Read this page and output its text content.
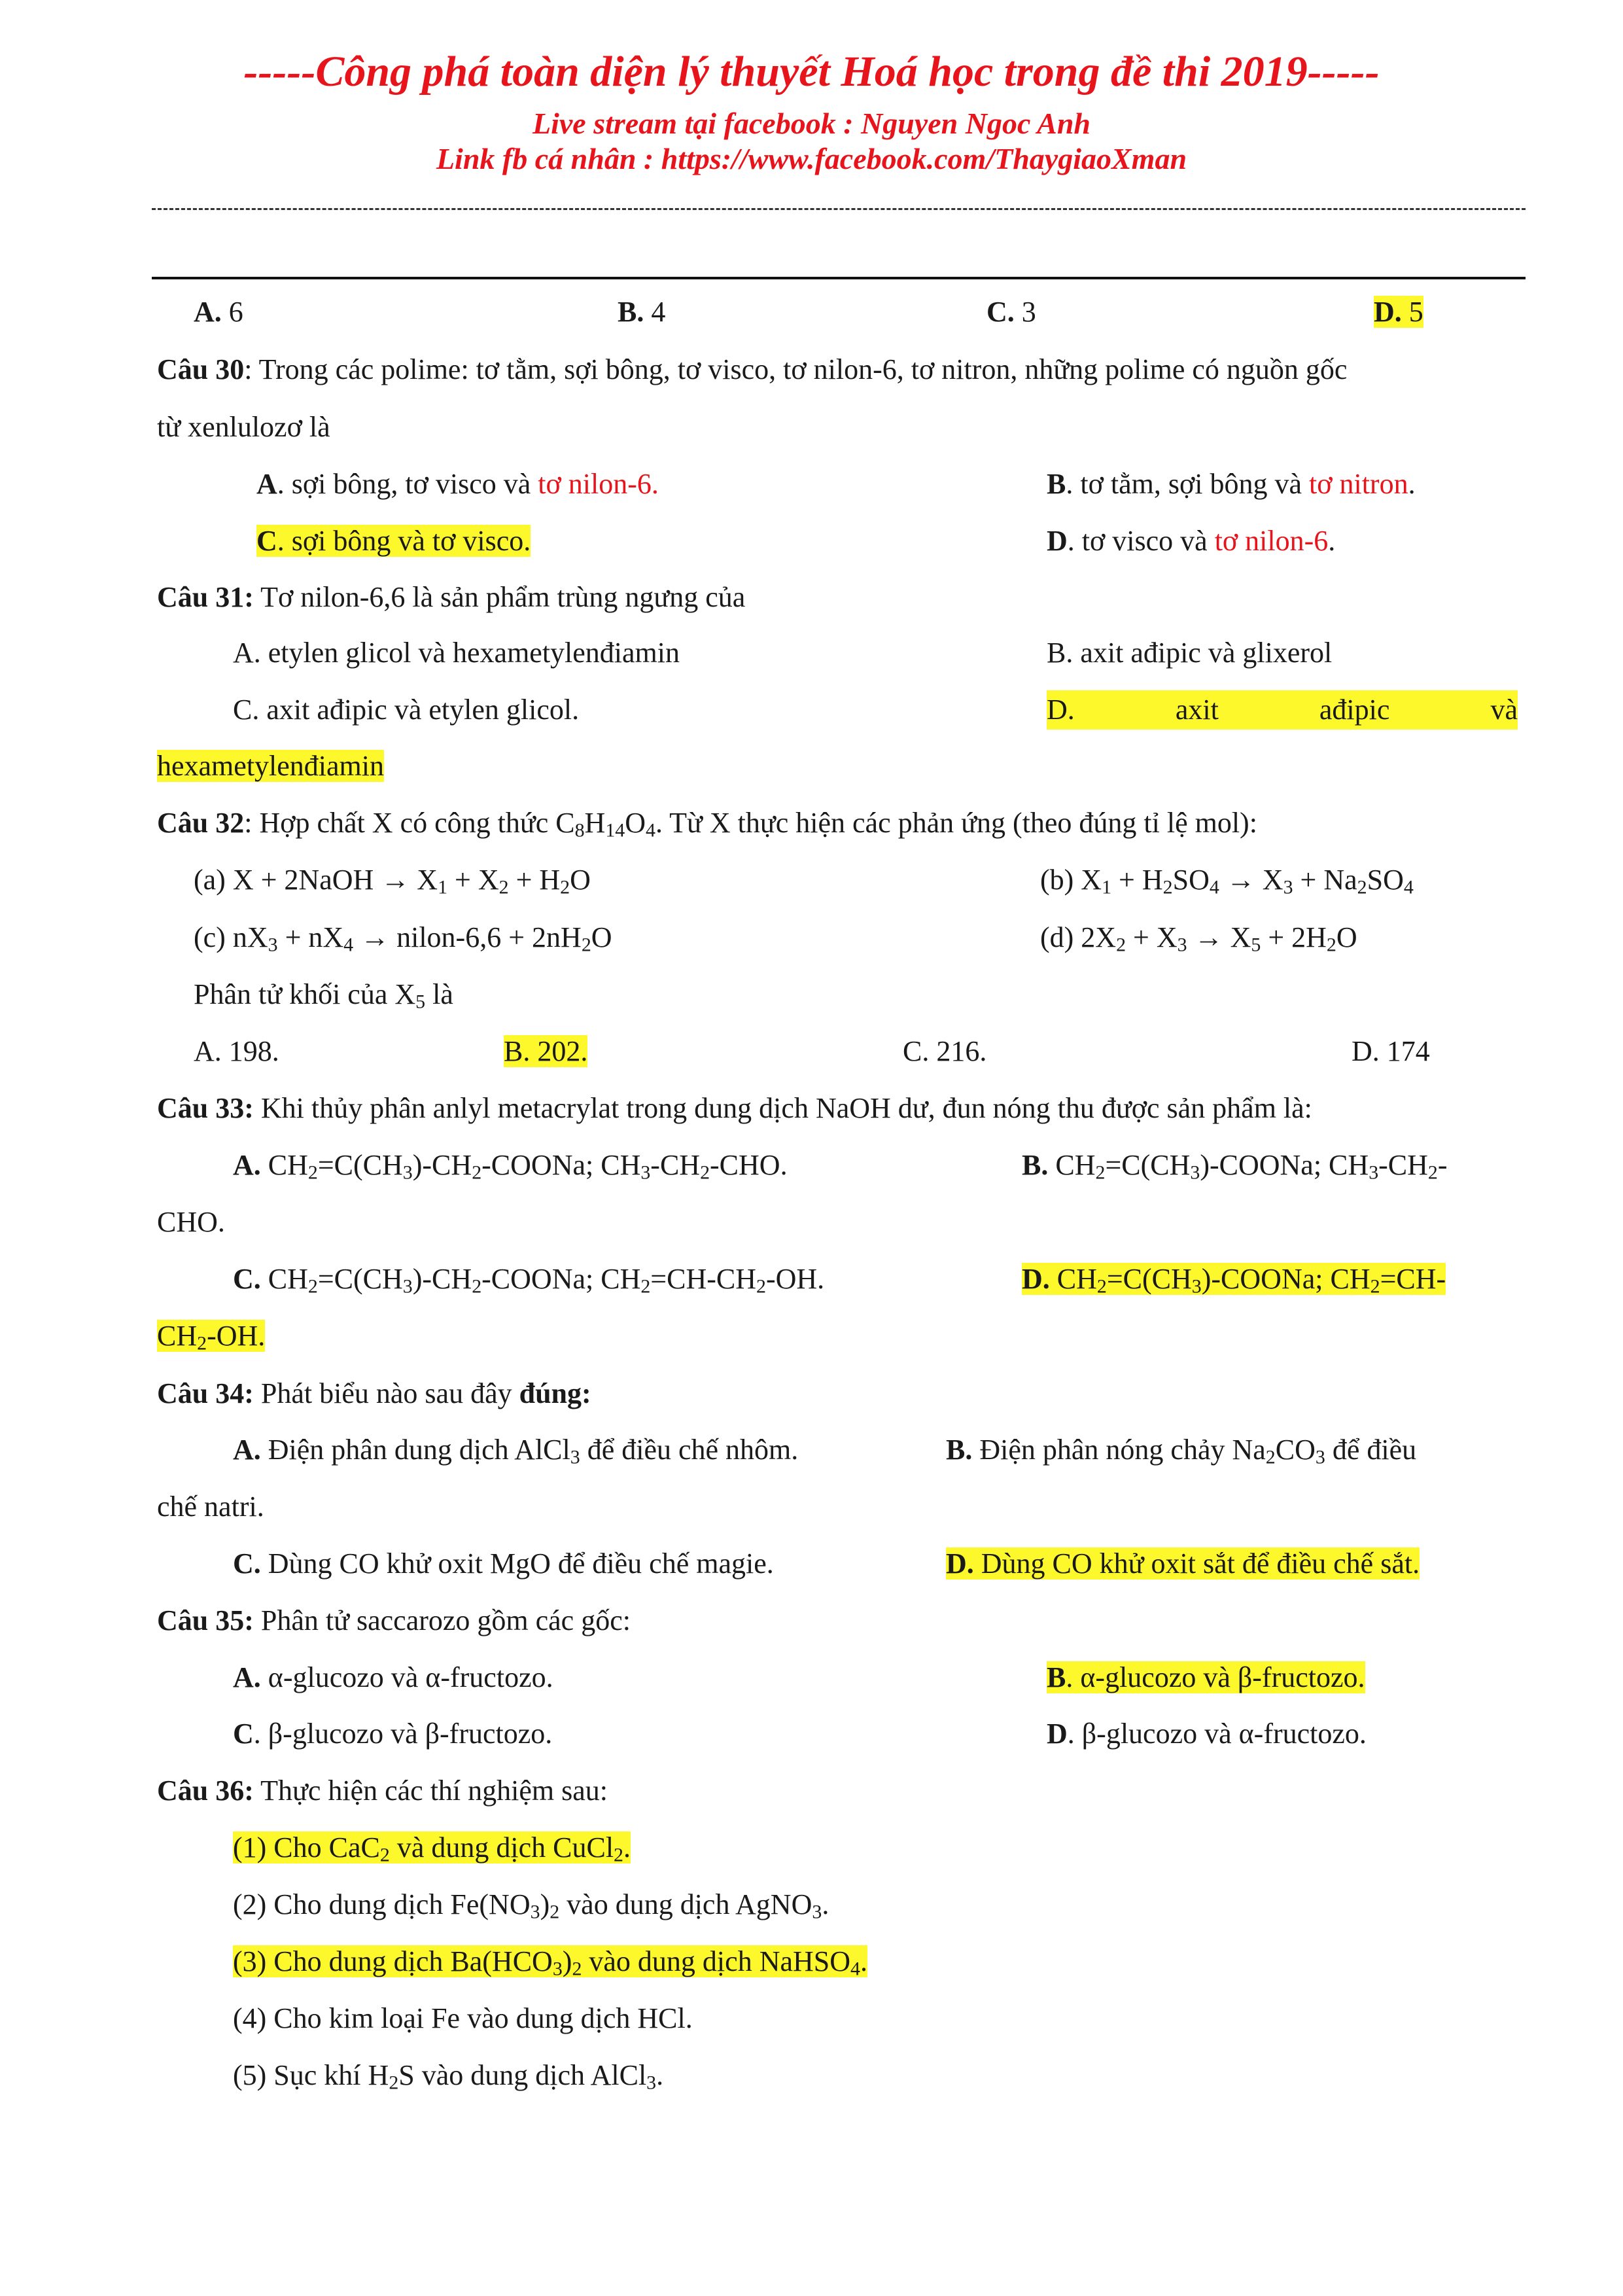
-----Công phá toàn diện lý thuyết Hoá học trong đề thi 2019-----
Live stream tại facebook : Nguyen Ngoc Anh
Link fb cá nhân : https://www.facebook.com/ThaygiaoXman
A. 6	B. 4	C. 3	D. 5
Câu 30: Trong các polime: tơ tằm, sợi bông, tơ visco, tơ nilon-6, tơ nitron, những polime có nguồn gốc
từ xenlulozơ là
A. sợi bông, tơ visco và tơ nilon-6.	B. tơ tằm, sợi bông và tơ nitron.
C. sợi bông và tơ visco.	D. tơ visco và tơ nilon-6.
Câu 31: Tơ nilon-6,6 là sản phẩm trùng ngưng của
A. etylen glicol và hexametylenđiamin	B. axit ađipic và glixerol
C. axit ađipic và etylen glicol.	D.	axit	ađipic	và
hexametylenđiamin
Câu 32: Hợp chất X có công thức $C_8H_{14}O_4$. Từ X thực hiện các phản ứng (theo đúng tỉ lệ mol):
(a) X + 2NaOH → $X_1 + X_2 + H_2O$	(b) $X_1 + H_2SO_4 \to X_3 + Na_2SO_4$
(c) $nX_3 + nX_4$ → nilon-6,6 + $2nH_2O$	(d) $2X_2 + X_3 \to X_5 + 2H_2O$
Phân tử khối của $X_5$ là
A. 198.	B. 202.	C. 216.	D. 174
Câu 33: Khi thủy phân anlyl metacrylat trong dung dịch NaOH dư, đun nóng thu được sản phẩm là:
A. $CH_2=C(CH_3)-CH_2$-COONa; $CH_3-CH_2$-CHO.	B. $CH_2=C(CH_3)$-COONa; $CH_3-CH_2-$
CHO.
C. $CH_2=C(CH_3)-CH_2$-COONa; $CH_2=CH-CH_2-OH$.	D. $CH_2=C(CH_3)$-COONa; $CH_2=CH-$
$CH_2-OH$.
Câu 34: Phát biểu nào sau đây đúng:
A. Điện phân dung dịch AlCl$_3$ để điều chế nhôm.	B. Điện phân nóng chảy $Na_2CO_3$ để điều
chế natri.
C. Dùng CO khử oxit MgO để điều chế magie.	D. Dùng CO khử oxit sắt để điều chế sắt.
Câu 35: Phân tử saccarozo gồm các gốc:
A. α-glucozo và α-fructozo.	B. α-glucozo và β-fructozo.
C. β-glucozo và β-fructozo.	D. β-glucozo và α-fructozo.
Câu 36: Thực hiện các thí nghiệm sau:
(1) Cho CaC$_2$ và dung dịch CuCl$_2$.
(2) Cho dung dịch $Fe(NO_3)_2$ vào dung dịch AgNO$_3$.
(3) Cho dung dịch $Ba(HCO_3)_2$ vào dung dịch NaHSO$_4$.
(4) Cho kim loại Fe vào dung dịch HCl.
(5) Sục khí $H_2S$ vào dung dịch AlCl$_3$.
